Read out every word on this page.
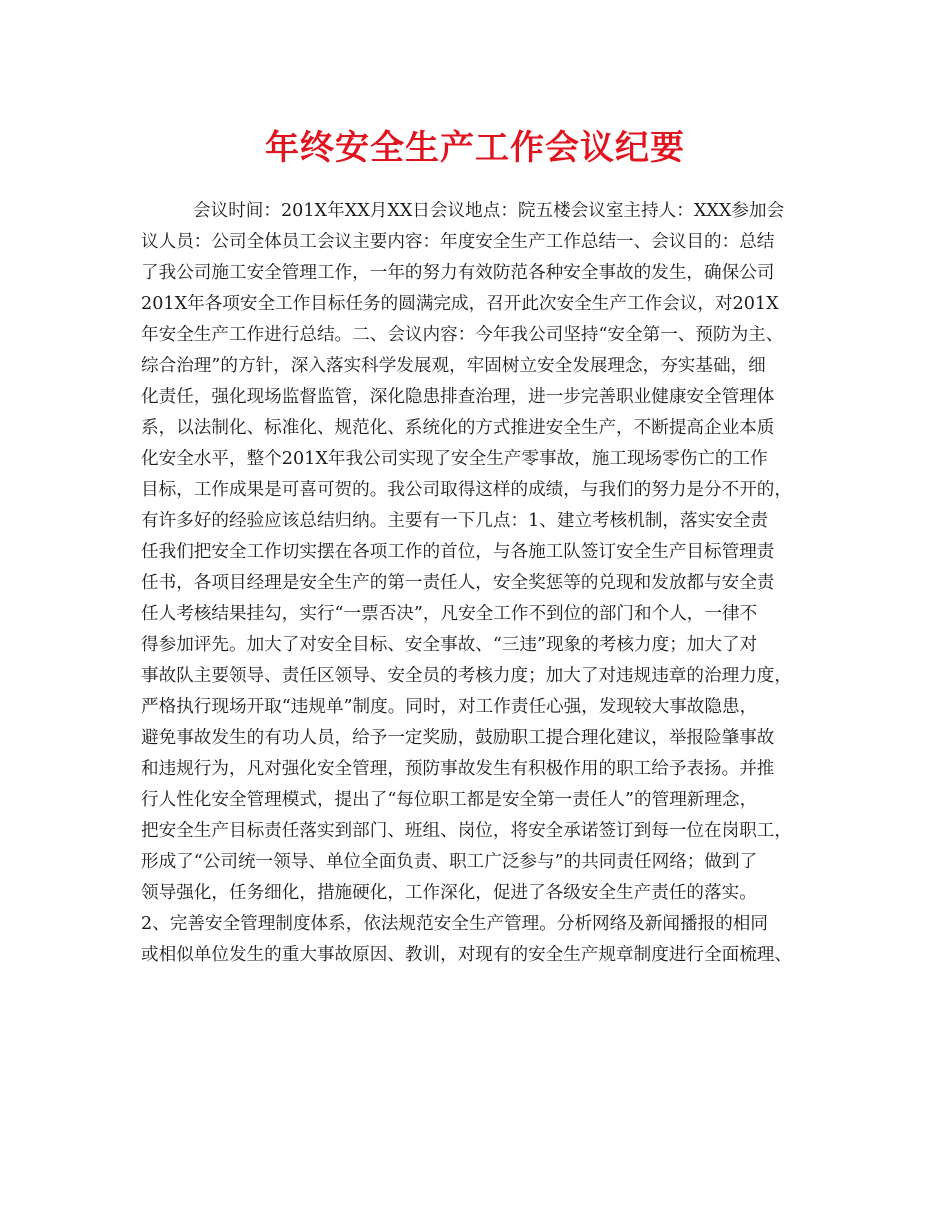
年终安全生产工作会议纪要
会议时间：201X年XX月XX日会议地点：院五楼会议室主持人：XXX参加会
议人员：公司全体员工会议主要内容：年度安全生产工作总结一、会议目的：总结
了我公司施工安全管理工作，一年的努力有效防范各种安全事故的发生，确保公司
201X年各项安全工作目标任务的圆满完成，召开此次安全生产工作会议，对201X
年安全生产工作进行总结。二、会议内容：今年我公司坚持“安全第一、预防为主、
综合治理”的方针，深入落实科学发展观，牢固树立安全发展理念，夯实基础，细
化责任，强化现场监督监管，深化隐患排查治理，进一步完善职业健康安全管理体
系，以法制化、标准化、规范化、系统化的方式推进安全生产，不断提高企业本质
化安全水平，整个201X年我公司实现了安全生产零事故，施工现场零伤亡的工作
目标，工作成果是可喜可贺的。我公司取得这样的成绩，与我们的努力是分不开的，
有许多好的经验应该总结归纳。主要有一下几点：1、建立考核机制，落实安全责
任我们把安全工作切实摆在各项工作的首位，与各施工队签订安全生产目标管理责
任书，各项目经理是安全生产的第一责任人，安全奖惩等的兑现和发放都与安全责
任人考核结果挂勾，实行“一票否决”，凡安全工作不到位的部门和个人，一律不
得参加评先。加大了对安全目标、安全事故、“三违”现象的考核力度；加大了对
事故队主要领导、责任区领导、安全员的考核力度；加大了对违规违章的治理力度，
严格执行现场开取“违规单”制度。同时，对工作责任心强，发现较大事故隐患，
避免事故发生的有功人员，给予一定奖励，鼓励职工提合理化建议，举报险肇事故
和违规行为，凡对强化安全管理，预防事故发生有积极作用的职工给予表扬。并推
行人性化安全管理模式，提出了“每位职工都是安全第一责任人”的管理新理念，
把安全生产目标责任落实到部门、班组、岗位，将安全承诺签订到每一位在岗职工，
形成了“公司统一领导、单位全面负责、职工广泛参与”的共同责任网络；做到了
领导强化，任务细化，措施硬化，工作深化，促进了各级安全生产责任的落实。
2、完善安全管理制度体系，依法规范安全生产管理。分析网络及新闻播报的相同
或相似单位发生的重大事故原因、教训，对现有的安全生产规章制度进行全面梳理、
